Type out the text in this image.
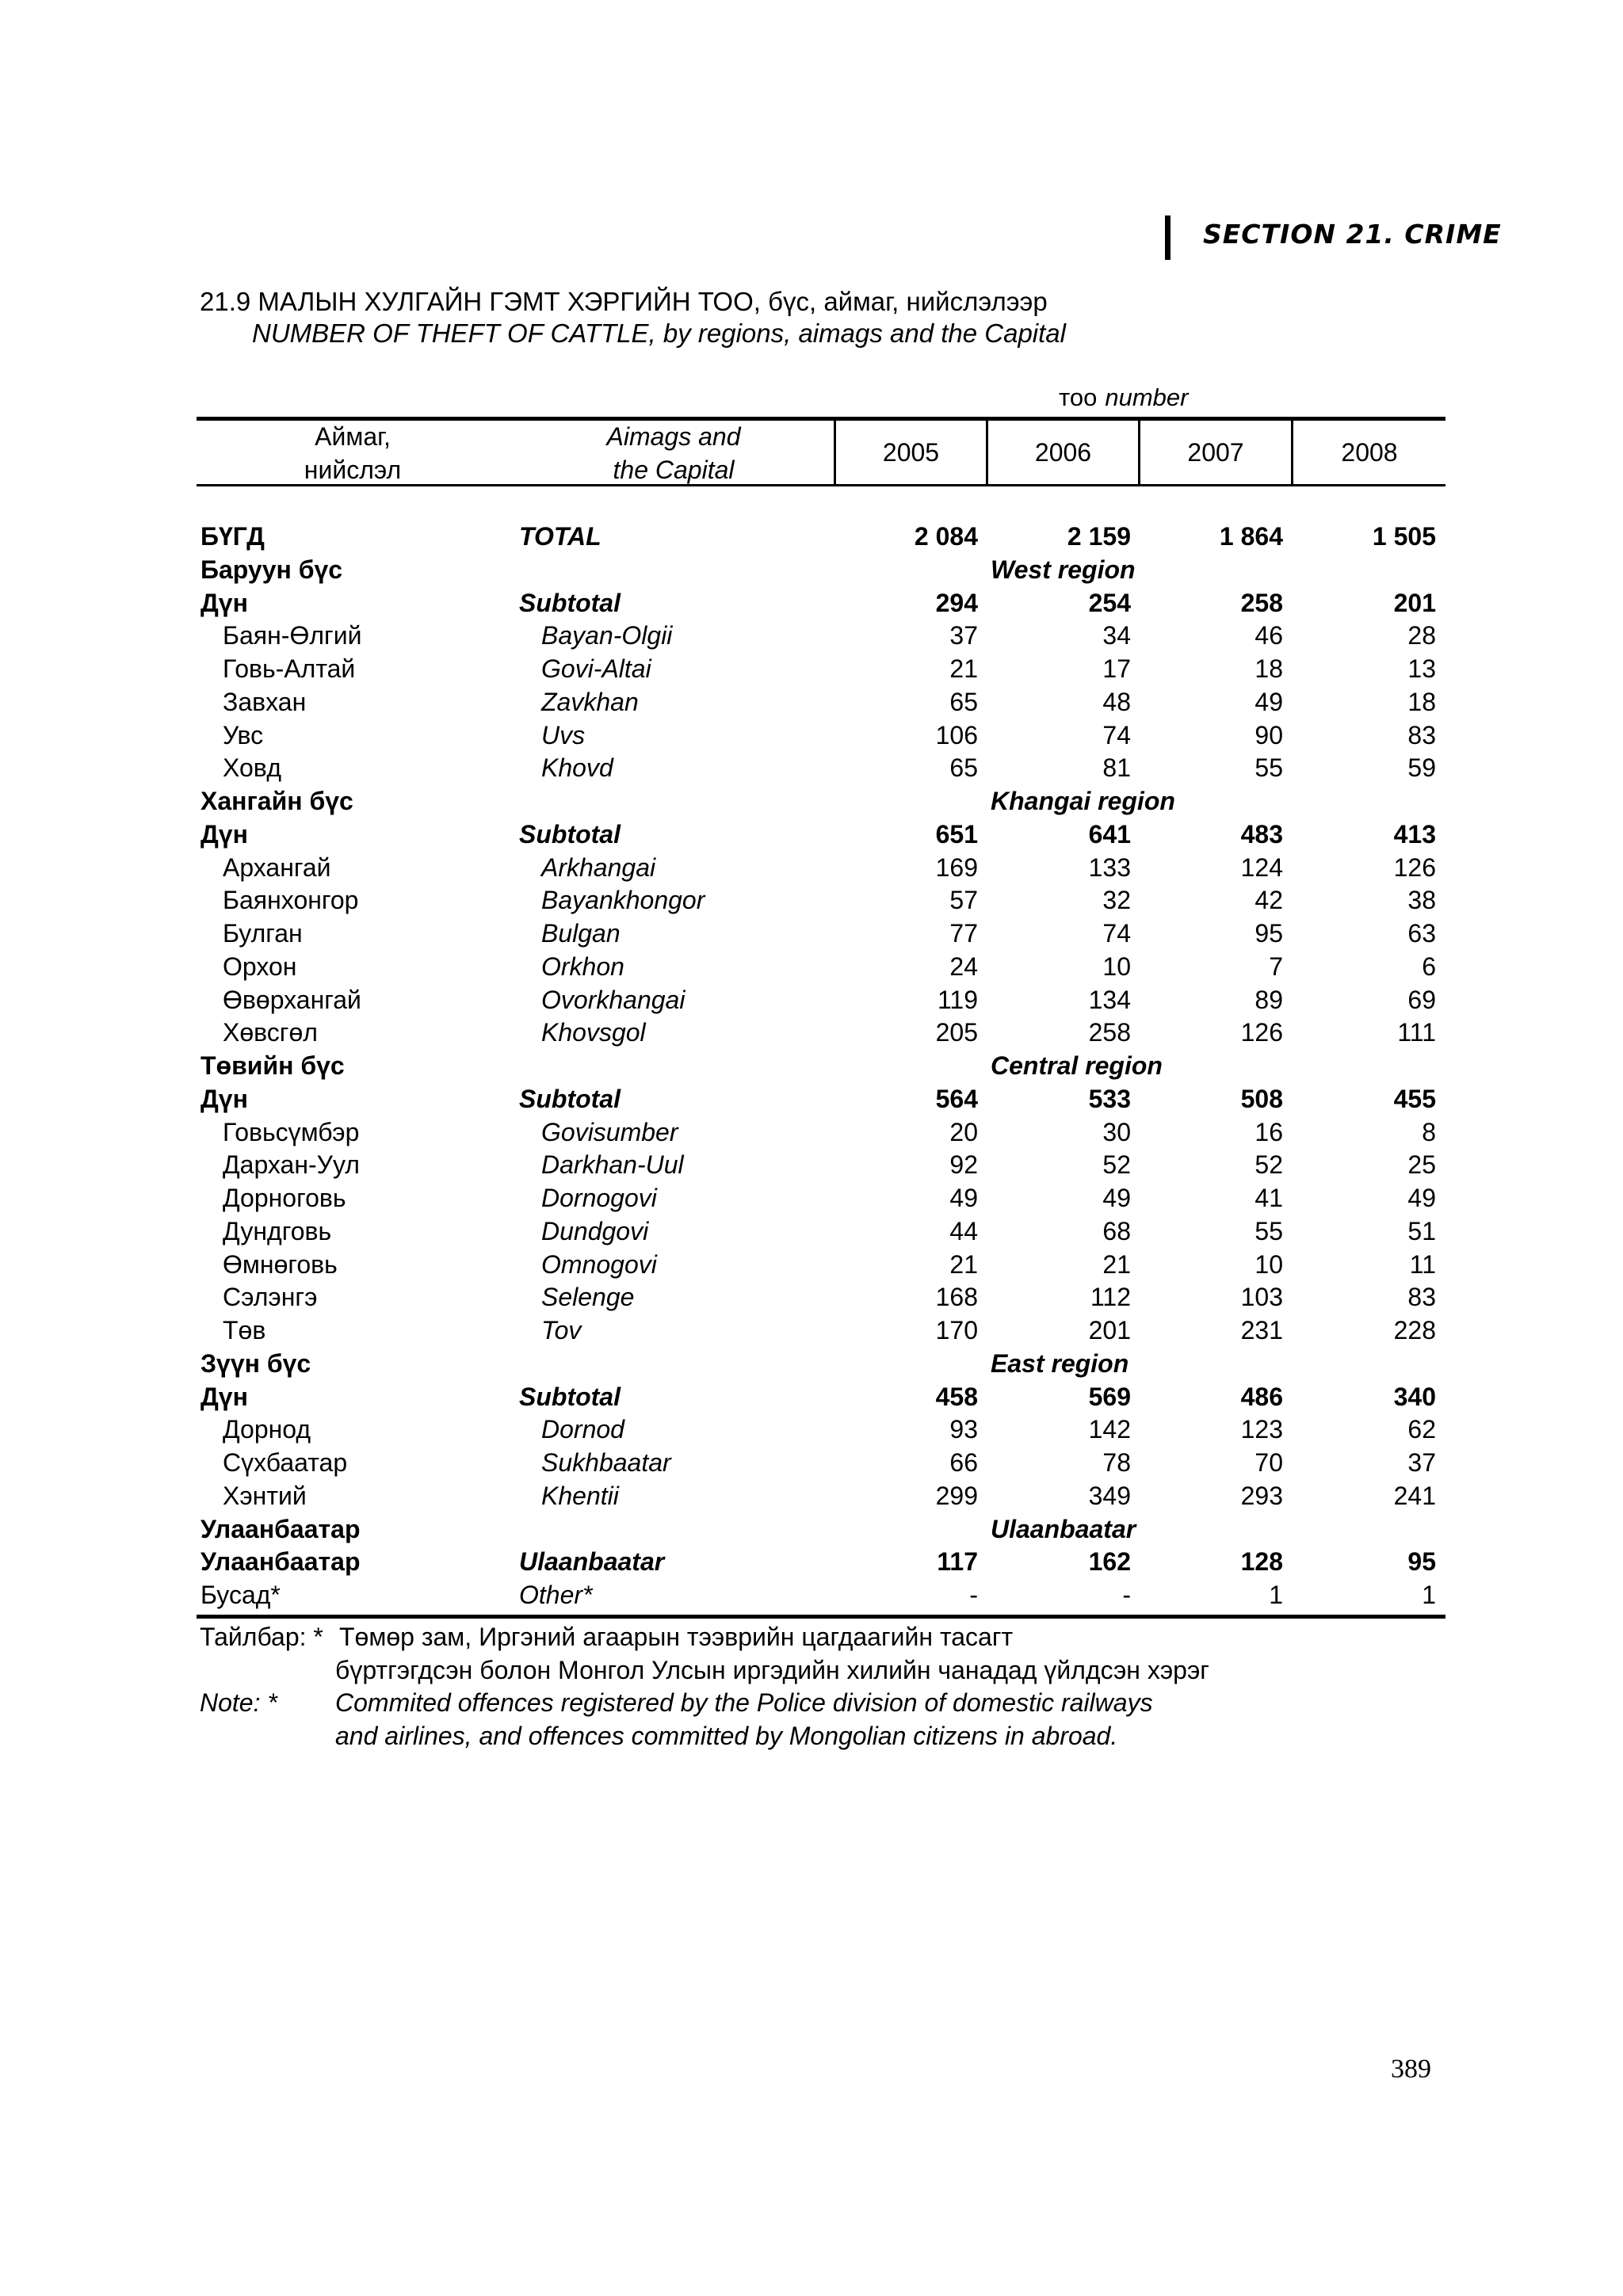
SECTION 21. CRIME
21.9 МАЛЫН ХУЛГАЙН ГЭМТ ХЭРГИЙН ТОО, бүс, аймаг, нийслэлээр
NUMBER OF THEFT OF CATTLE, by regions, aimags and the Capital
тоо number
Аймаг,
нийслэл
Aimags and
the Capital
2005	2006	2007	2008
БҮГД	TOTAL	2 084	2 159	1 864	1 505
Баруун бүс	West region
Дүн	Subtotal	294	254	258	201
Баян-Өлгий	Bayan-Olgii	37	34	46	28
Говь-Алтай	Govi-Altai	21	17	18	13
Завхан	Zavkhan	65	48	49	18
Увс	Uvs	106	74	90	83
Ховд	Khovd	65	81	55	59
Хангайн бүс	Khangai region
Дүн	Subtotal	651	641	483	413
Архангай	Arkhangai	169	133	124	126
Баянхонгор	Bayankhongor	57	32	42	38
Булган	Bulgan	77	74	95	63
Орхон	Orkhon	24	10	7	6
Өвөрхангай	Ovorkhangai	119	134	89	69
Хөвсгөл	Khovsgol	205	258	126	111
Төвийн бүс	Central region
Дүн	Subtotal	564	533	508	455
Говьсүмбэр	Govisumber	20	30	16	8
Дархан-Уул	Darkhan-Uul	92	52	52	25
Дорноговь	Dornogovi	49	49	41	49
Дундговь	Dundgovi	44	68	55	51
Өмнөговь	Omnogovi	21	21	10	11
Сэлэнгэ	Selenge	168	112	103	83
Төв	Tov	170	201	231	228
Зүүн бүс	East region
Дүн	Subtotal	458	569	486	340
Дорнод	Dornod	93	142	123	62
Сүхбаатар	Sukhbaatar	66	78	70	37
Хэнтий	Khentii	299	349	293	241
Улаанбаатар	Ulaanbaatar
Улаанбаатар	Ulaanbaatar	117	162	128	95
Бусад*	Other*	-	-	1	1
Тайлбар: * Төмөр зам, Иргэний агаарын тээврийн цагдаагийн тасагт
бүртгэгдсэн болон Монгол Улсын иргэдийн хилийн чанадад үйлдсэн хэрэг
Note: * Commited offences registered by the Police division of domestic railways
and airlines, and offences committed by Mongolian citizens in abroad.
389
